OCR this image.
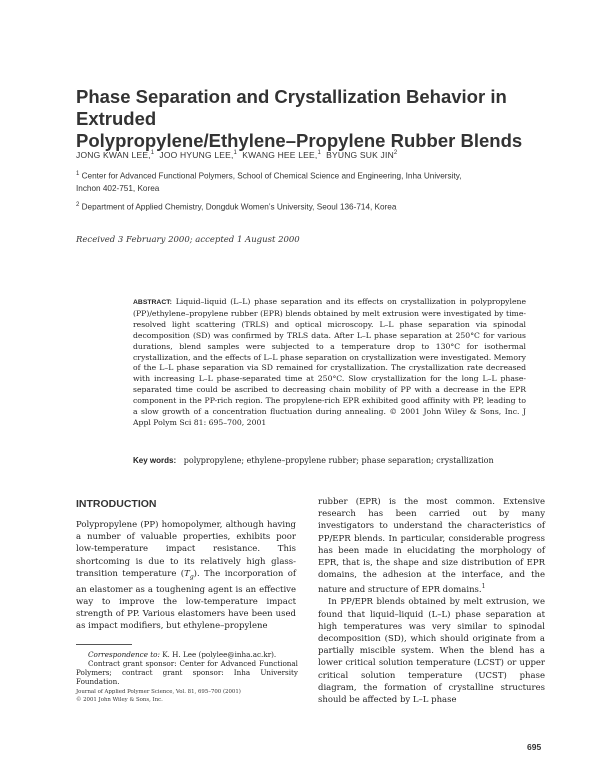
Phase Separation and Crystallization Behavior in Extruded
Polypropylene/Ethylene–Propylene Rubber Blends
JONG KWAN LEE,$^1$ JOO HYUNG LEE,$^1$ KWANG HEE LEE,$^1$ BYUNG SUK JIN$^2$
$^1$ Center for Advanced Functional Polymers, School of Chemical Science and Engineering, Inha University,
Inchon 402-751, Korea
$^2$ Department of Applied Chemistry, Dongduk Women’s University, Seoul 136-714, Korea
Received 3 February 2000; accepted 1 August 2000
ABSTRACT: Liquid–liquid (L–L) phase separation and its effects on crystallization in polypropylene (PP)/ethylene–propylene rubber (EPR) blends obtained by melt extrusion were investigated by time-resolved light scattering (TRLS) and optical microscopy. L–L phase separation via spinodal decomposition (SD) was confirmed by TRLS data. After L–L phase separation at 250°C for various durations, blend samples were subjected to a temperature drop to 130°C for isothermal crystallization, and the effects of L–L phase separation on crystallization were investigated. Memory of the L–L phase separation via SD remained for crystallization. The crystallization rate decreased with increasing L–L phase-separated time at 250°C. Slow crystallization for the long L–L phase-separated time could be ascribed to decreasing chain mobility of PP with a decrease in the EPR component in the PP-rich region. The propylene-rich EPR exhibited good affinity with PP, leading to a slow growth of a concentration fluctuation during annealing. © 2001 John Wiley & Sons, Inc. J Appl Polym Sci 81: 695–700, 2001
Key words: polypropylene; ethylene–propylene rubber; phase separation; crystallization
INTRODUCTION

Polypropylene (PP) homopolymer, although having a number of valuable properties, exhibits poor low-temperature impact resistance. This shortcoming is due to its relatively high glass-transition temperature $(T_g)$. The incorporation of an elastomer as a toughening agent is an effective way to improve the low-temperature impact strength of PP. Various elastomers have been used as impact modifiers, but ethylene–propylene

rubber (EPR) is the most common. Extensive research has been carried out by many investigators to understand the characteristics of PP/EPR blends. In particular, considerable progress has been made in elucidating the morphology of EPR, that is, the shape and size distribution of EPR domains, the adhesion at the interface, and the nature and structure of EPR domains.$^1$

In PP/EPR blends obtained by melt extrusion, we found that liquid–liquid (L–L) phase separation at high temperatures was very similar to spinodal decomposition (SD), which should originate from a partially miscible system. When the blend has a lower critical solution temperature (LCST) or upper critical solution temperature (UCST) phase diagram, the formation of crystalline structures should be affected by L–L phase

Correspondence to: K. H. Lee (polylee@inha.ac.kr).
Contract grant sponsor: Center for Advanced Functional Polymers; contract grant sponsor: Inha University Foundation.
Journal of Applied Polymer Science, Vol. 81, 695–700 (2001)
© 2001 John Wiley & Sons, Inc.
695
